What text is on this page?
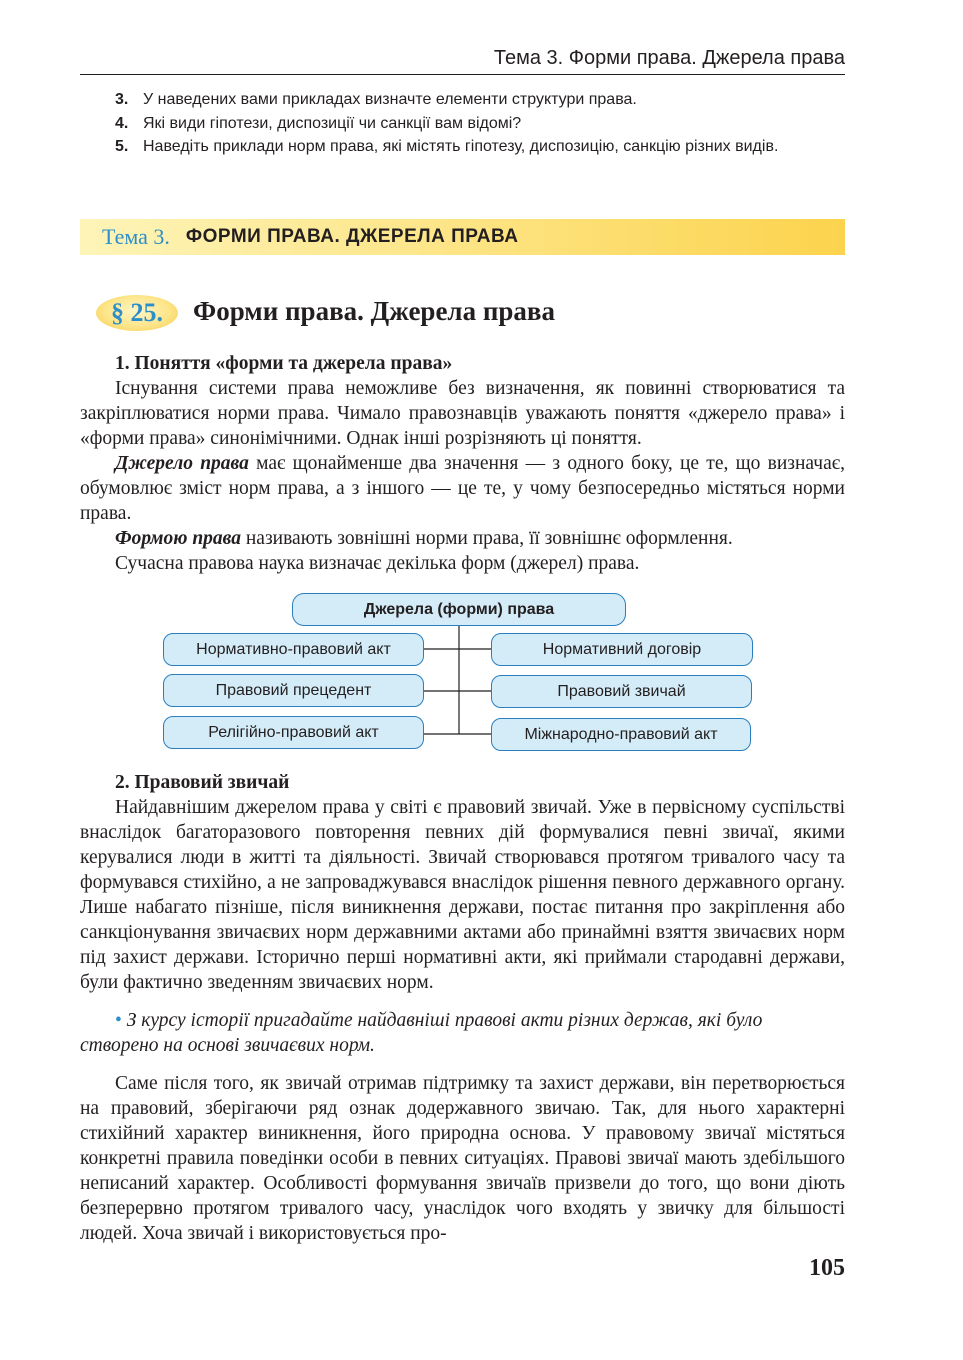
Тема 3. Форми права. Джерела права
3. У наведених вами прикладах визначте елементи структури права.
4. Які види гіпотези, диспозиції чи санкції вам відомі?
5. Наведіть приклади норм права, які містять гіпотезу, диспозицію, санкцію різних видів.
Тема 3. ФОРМИ ПРАВА. ДЖЕРЕЛА ПРАВА
§ 25.	Форми права. Джерела права

1. Поняття «форми та джерела права»

Існування системи права неможливе без визначення, як повинні створюватися та закріплюватися норми права. Чимало правознавців уважають поняття «джерело права» і «форми права» синонімічними. Однак інші розрізняють ці поняття.

Джерело права має щонайменше два значення — з одного боку, це те, що визначає, обумовлює зміст норм права, а з іншого — це те, у чому безпосередньо містяться норми права.

Формою права називають зовнішні норми права, її зовнішнє оформлення.

Сучасна правова наука визначає декілька форм (джерел) права.

Джерела (форми) права
Нормативно-правовий акт
Правовий прецедент
Релігійно-правовий акт
Нормативний договір
Правовий звичай
Міжнародно-правовий акт

2. Правовий звичай

Найдавнішим джерелом права у світі є правовий звичай. Уже в первісному суспільстві внаслідок багаторазового повторення певних дій формувалися певні звичаї, якими керувалися люди в житті та діяльності. Звичай створювався протягом тривалого часу та формувався стихійно, а не запроваджувався внаслідок рішення певного державного органу. Лише набагато пізніше, після виникнення держави, постає питання про закріплення або санкціонування звичаєвих норм державними актами або принаймні взяття звичаєвих норм під захист держави. Історично перші нормативні акти, які приймали стародавні держави, були фактично зведенням звичаєвих норм.

• З курсу історії пригадайте найдавніші правові акти різних держав, які було створено на основі звичаєвих норм.

Саме після того, як звичай отримав підтримку та захист держави, він перетворюється на правовий, зберігаючи ряд ознак додержавного звичаю. Так, для нього характерні стихійний характер виникнення, його природна основа. У правовому звичаї містяться конкретні правила поведінки особи в певних ситуаціях. Правові звичаї мають здебільшого неписаний характер. Особливості формування звичаїв призвели до того, що вони діють безперервно протягом тривалого часу, унаслідок чого входять у звичку для більшості людей. Хоча звичай і використовується про-

105
